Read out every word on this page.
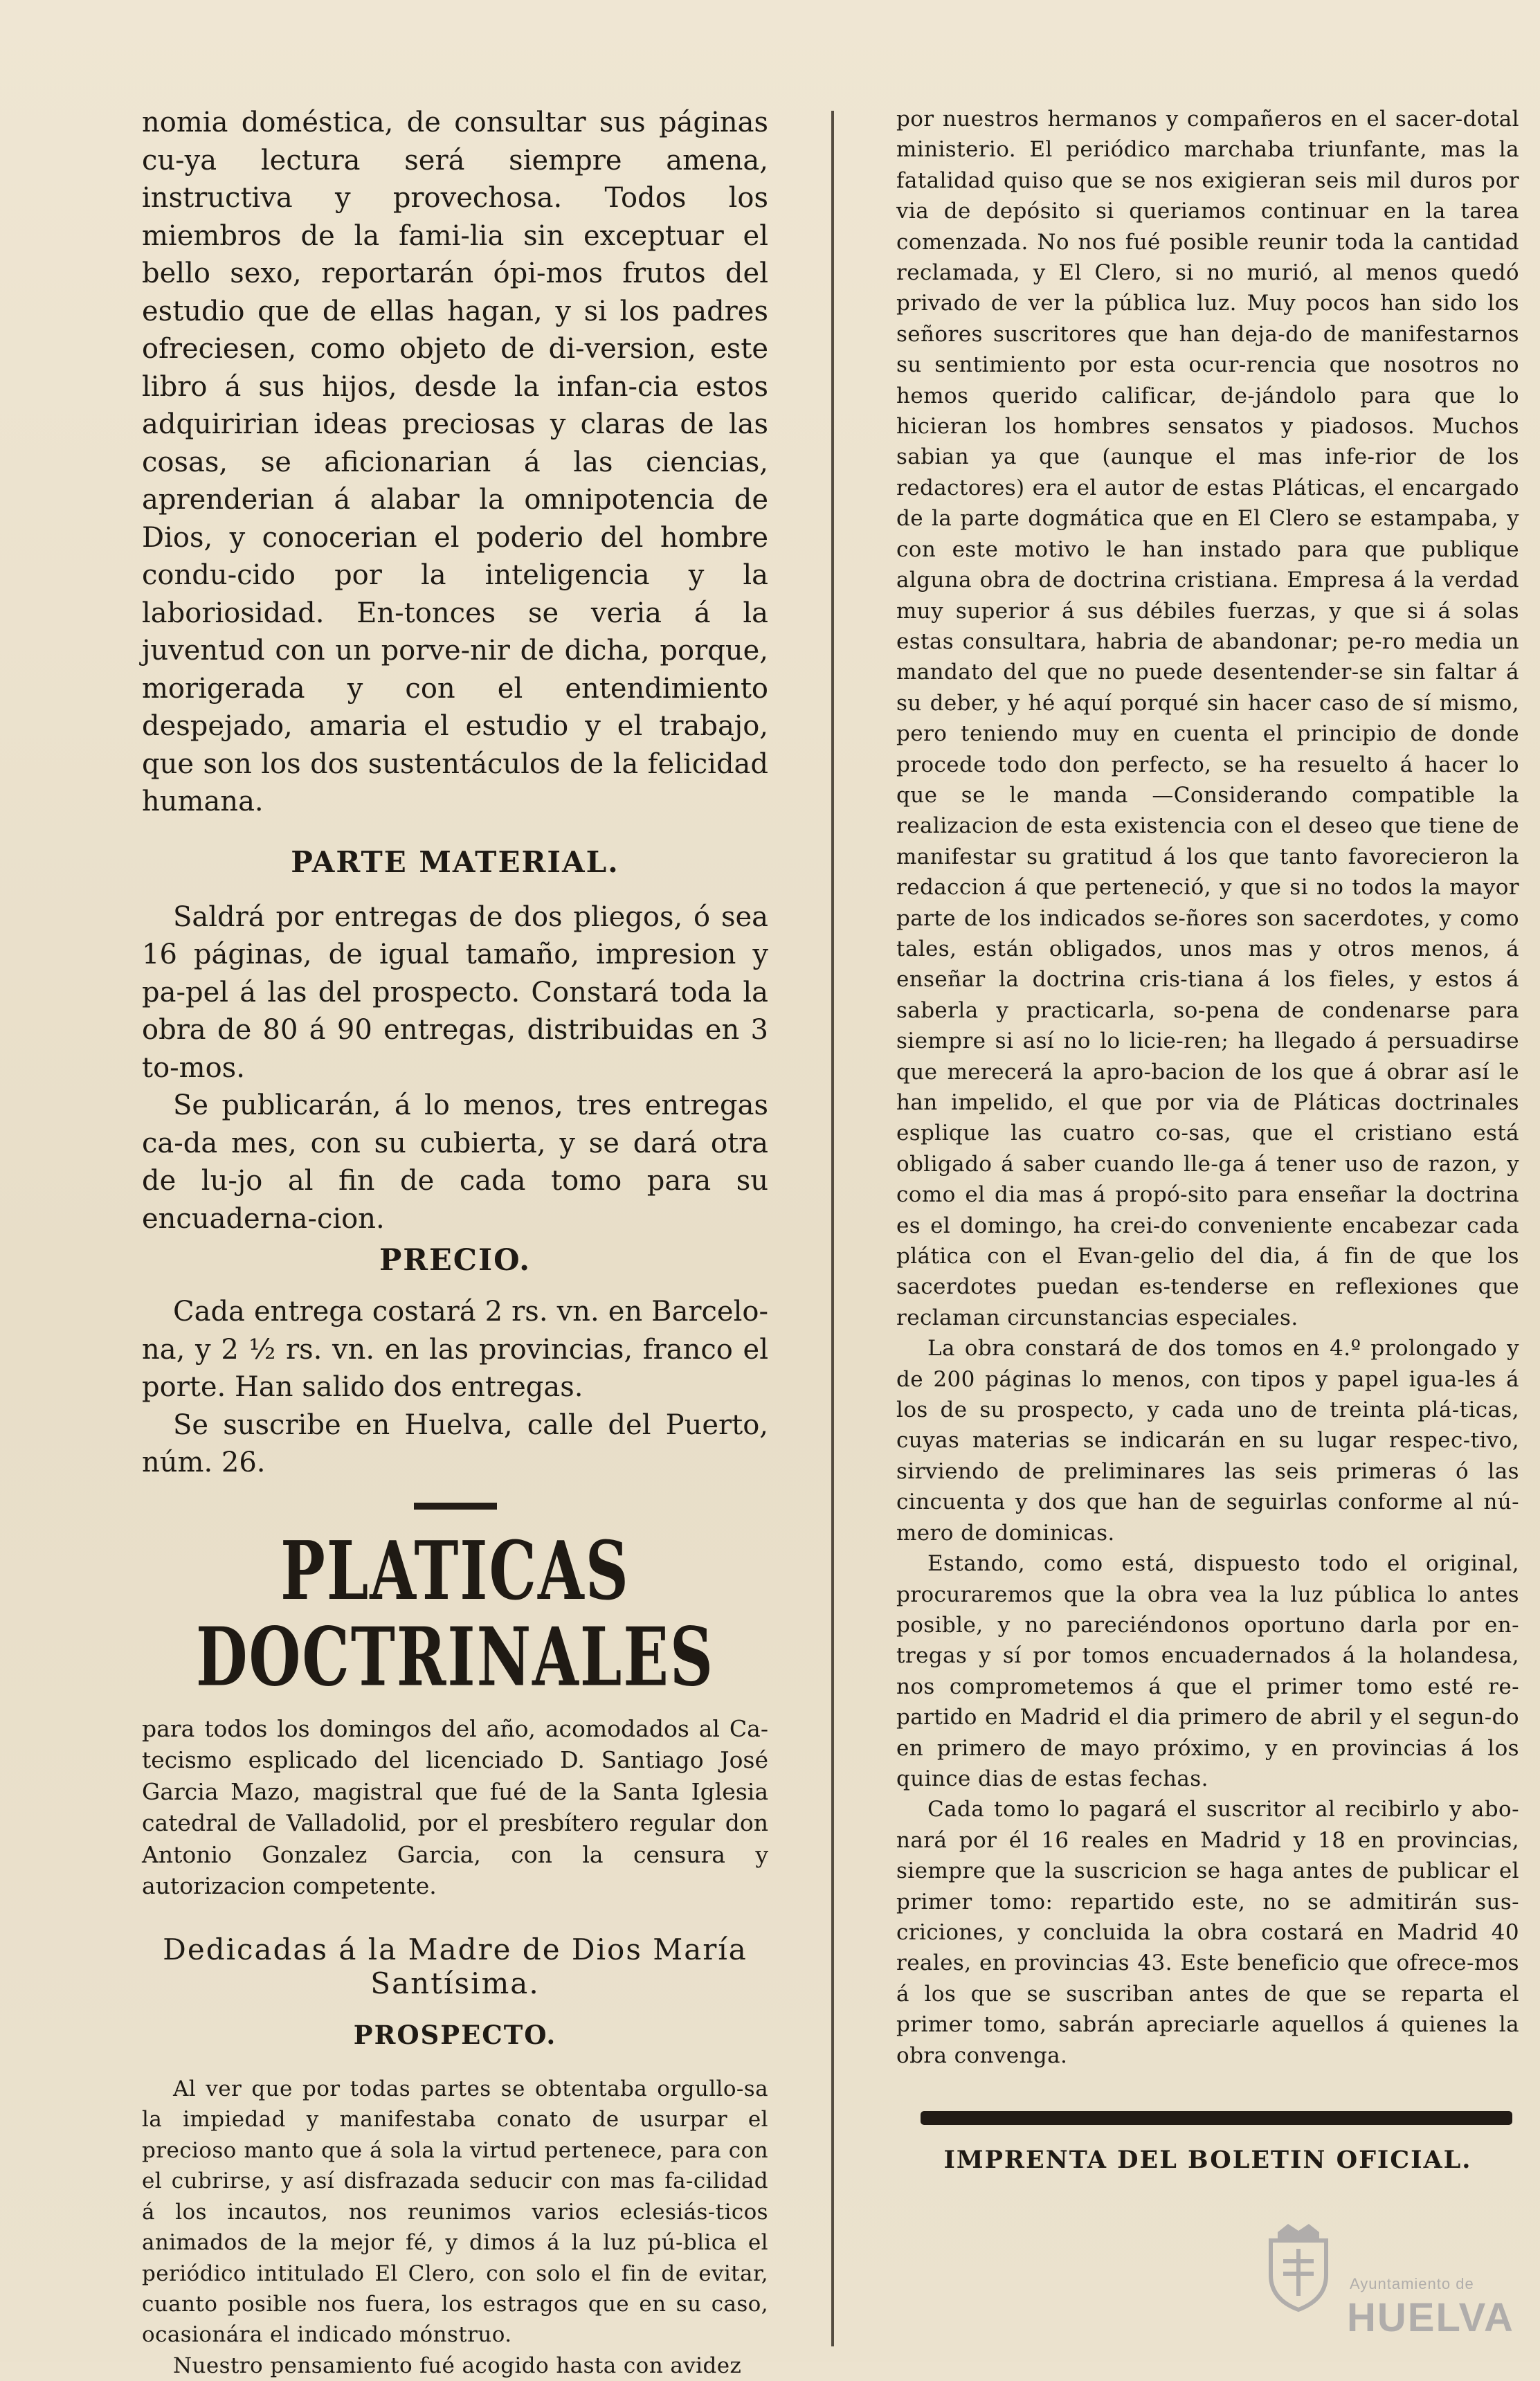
nomia doméstica, de consultar sus páginas cu-ya lectura será siempre amena, instructiva y provechosa. Todos los miembros de la fami-lia sin exceptuar el bello sexo, reportarán ópi-mos frutos del estudio que de ellas hagan, y si los padres ofreciesen, como objeto de di-version, este libro á sus hijos, desde la infan-cia estos adquiririan ideas preciosas y claras de las cosas, se aficionarian á las ciencias, aprenderian á alabar la omnipotencia de Dios, y conocerian el poderio del hombre condu-cido por la inteligencia y la laboriosidad. En-tonces se veria á la juventud con un porve-nir de dicha, porque, morigerada y con el entendimiento despejado, amaria el estudio y el trabajo, que son los dos sustentáculos de la felicidad humana.

PARTE MATERIAL.

Saldrá por entregas de dos pliegos, ó sea 16 páginas, de igual tamaño, impresion y pa-pel á las del prospecto. Constará toda la obra de 80 á 90 entregas, distribuidas en 3 to-mos.

Se publicarán, á lo menos, tres entregas ca-da mes, con su cubierta, y se dará otra de lu-jo al fin de cada tomo para su encuaderna-cion.

PRECIO.

Cada entrega costará 2 rs. vn. en Barcelo-na, y 2 ½ rs. vn. en las provincias, franco el porte. Han salido dos entregas.

Se suscribe en Huelva, calle del Puerto, núm. 26.

PLATICAS DOCTRINALES

para todos los domingos del año, acomodados al Ca-tecismo esplicado del licenciado D. Santiago José Garcia Mazo, magistral que fué de la Santa Iglesia catedral de Valladolid, por el presbítero regular don Antonio Gonzalez Garcia, con la censura y autorizacion competente.

Dedicadas á la Madre de Dios María Santísima.
PROSPECTO.

Al ver que por todas partes se obtentaba orgullo-sa la impiedad y manifestaba conato de usurpar el precioso manto que á sola la virtud pertenece, para con el cubrirse, y así disfrazada seducir con mas fa-cilidad á los incautos, nos reunimos varios eclesiás-ticos animados de la mejor fé, y dimos á la luz pú-blica el periódico intitulado El Clero, con solo el fin de evitar, cuanto posible nos fuera, los estragos que en su caso, ocasionára el indicado mónstruo.

Nuestro pensamiento fué acogido hasta con avidez

por nuestros hermanos y compañeros en el sacer-dotal ministerio. El periódico marchaba triunfante, mas la fatalidad quiso que se nos exigieran seis mil duros por via de depósito si queriamos continuar en la tarea comenzada. No nos fué posible reunir toda la cantidad reclamada, y El Clero, si no murió, al menos quedó privado de ver la pública luz. Muy pocos han sido los señores suscritores que han deja-do de manifestarnos su sentimiento por esta ocur-rencia que nosotros no hemos querido calificar, de-jándolo para que lo hicieran los hombres sensatos y piadosos. Muchos sabian ya que (aunque el mas infe-rior de los redactores) era el autor de estas Pláticas, el encargado de la parte dogmática que en El Clero se estampaba, y con este motivo le han instado para que publique alguna obra de doctrina cristiana. Empresa á la verdad muy superior á sus débiles fuerzas, y que si á solas estas consultara, habria de abandonar; pe-ro media un mandato del que no puede desentender-se sin faltar á su deber, y hé aquí porqué sin hacer caso de sí mismo, pero teniendo muy en cuenta el principio de donde procede todo don perfecto, se ha resuelto á hacer lo que se le manda —Considerando compatible la realizacion de esta existencia con el deseo que tiene de manifestar su gratitud á los que tanto favorecieron la redaccion á que perteneció, y que si no todos la mayor parte de los indicados se-ñores son sacerdotes, y como tales, están obligados, unos mas y otros menos, á enseñar la doctrina cris-tiana á los fieles, y estos á saberla y practicarla, so-pena de condenarse para siempre si así no lo licie-ren; ha llegado á persuadirse que merecerá la apro-bacion de los que á obrar así le han impelido, el que por via de Pláticas doctrinales esplique las cuatro co-sas, que el cristiano está obligado á saber cuando lle-ga á tener uso de razon, y como el dia mas á propó-sito para enseñar la doctrina es el domingo, ha crei-do conveniente encabezar cada plática con el Evan-gelio del dia, á fin de que los sacerdotes puedan es-tenderse en reflexiones que reclaman circunstancias especiales.

La obra constará de dos tomos en 4.º prolongado y de 200 páginas lo menos, con tipos y papel igua-les á los de su prospecto, y cada uno de treinta plá-ticas, cuyas materias se indicarán en su lugar respec-tivo, sirviendo de preliminares las seis primeras ó las cincuenta y dos que han de seguirlas conforme al nú-mero de dominicas.

Estando, como está, dispuesto todo el original, procuraremos que la obra vea la luz pública lo antes posible, y no pareciéndonos oportuno darla por en-tregas y sí por tomos encuadernados á la holandesa, nos comprometemos á que el primer tomo esté re-partido en Madrid el dia primero de abril y el segun-do en primero de mayo próximo, y en provincias á los quince dias de estas fechas.

Cada tomo lo pagará el suscritor al recibirlo y abo-nará por él 16 reales en Madrid y 18 en provincias, siempre que la suscricion se haga antes de publicar el primer tomo: repartido este, no se admitirán sus-criciones, y concluida la obra costará en Madrid 40 reales, en provincias 43. Este beneficio que ofrece-mos á los que se suscriban antes de que se reparta el primer tomo, sabrán apreciarle aquellos á quienes la obra convenga.

IMPRENTA DEL BOLETIN OFICIAL.
Ayuntamiento de
HUELVA
